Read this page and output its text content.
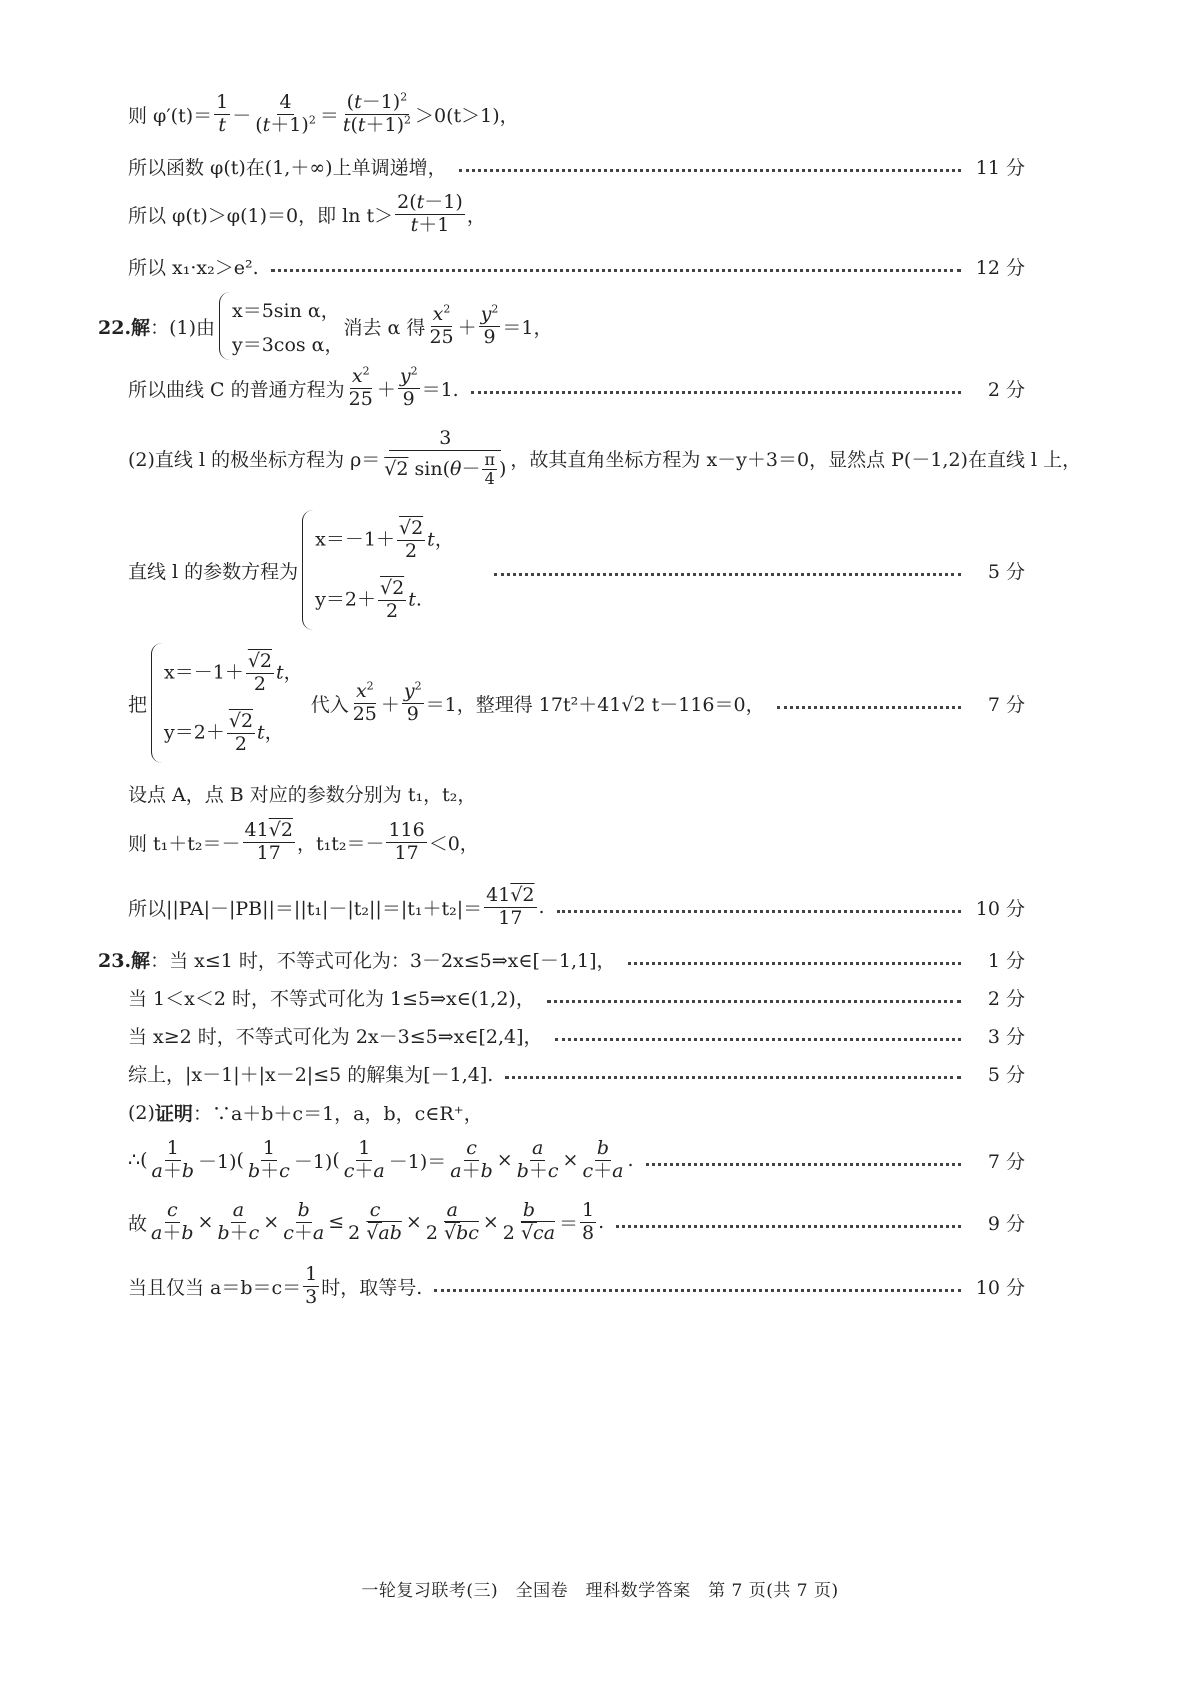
则 $\varphi'(t)= \frac{1}{t} - \frac{4}{(t+1)^2} = \frac{(t-1)^2}{t(t+1)^2} >0(t>1)$，
所以函数 φ(t)在(1,＋∞)上单调递增，	11 分
所以 φ(t)＞φ(1)＝0，即 $\ln t> \frac{2(t-1)}{t+1}$ ，
所以 x₁·x₂＞e².	12 分
22.解 ：(1)由
x＝5sin α，
y＝3cos α，
消去 α 得 $\frac{x^2}{25} + \frac{y^2}{9} =1$，
所以曲线 C 的普通方程为 $\frac{x^2}{25} + \frac{y^2}{9} =1$.	2 分
(2)直线 l 的极坐标方程为 $\rho= \frac{3}{√2 \sin(\theta- \frac{\pi}{4} )}$ ，故其直角坐标方程为 x－y＋3＝0，显然点 P(－1,2)在直线 l 上，
直线 l 的参数方程为
$x=-1+ \frac{√2}{2}$ t，
$y=2+ \frac{√2}{2} t$.
5 分
把
$x=-1+ \frac{√2}{2}$ t，
$y=2+ \frac{√2}{2}$ t，
代入 $\frac{x^2}{25} + \frac{y^2}{9} =1$，整理得 17t²＋41√2 t－116＝0，	7 分
设点 A，点 B 对应的参数分别为 t₁，t₂，
则 $t_1+t_2=- \frac{41√2}{17}$ ，$t_1t_2=- \frac{116}{17} <0$，
所以$||PA|-|PB||=||t_1|-|t_2||=|t_1+t_2|= \frac{41√2}{17}$ .	10 分
23.解 ：当 x≤1 时，不等式可化为：3－2x≤5⇒x∈[－1,1]，	1 分
当 1＜x＜2 时，不等式可化为 1≤5⇒x∈(1,2)，	2 分
当 x≥2 时，不等式可化为 2x－3≤5⇒x∈[2,4]，	3 分
综上，|x－1|＋|x－2|≤5 的解集为[－1,4].	5 分
(2) 证明 ：∵a＋b＋c＝1，a，b，c∈R⁺，
∴ ( $\frac{1}{a+b} -1$) ( $\frac{1}{b+c} -1$) ( $\frac{1}{c+a} -1)= \frac{c}{a+b} \times \frac{a}{b+c} \times \frac{b}{c+a}$ .	7 分
故 $\frac{c}{a+b} \times \frac{a}{b+c} \times \frac{b}{c+a} \le \frac{c}{2 √ab} \times \frac{a}{2 √bc} \times \frac{b}{2 √ca} = \frac{1}{8}$ .	9 分
当且仅当 $a=b=c= \frac{1}{3}$ 时，取等号.	10 分
一轮复习联考(三)　全国卷　理科数学答案　第 7 页(共 7 页)
